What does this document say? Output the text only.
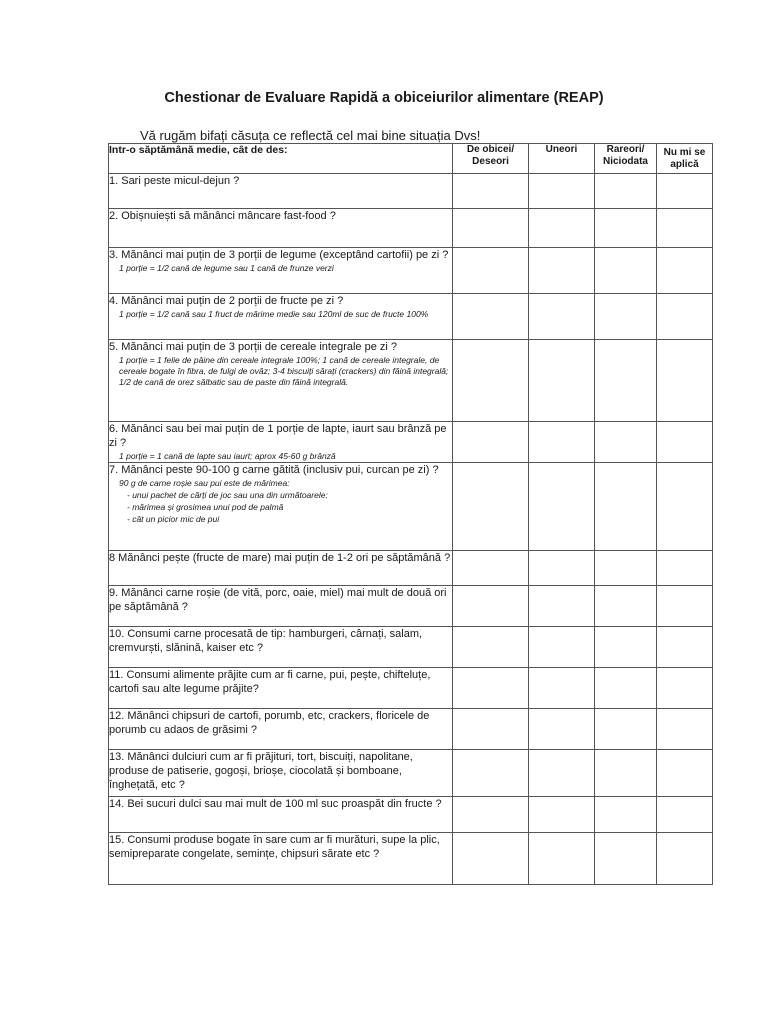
Chestionar de Evaluare Rapidă a obiceiurilor alimentare (REAP)
Vă rugăm bifați căsuța ce reflectă cel mai bine situația Dvs!
Intr-o săptămână medie, cât de des:	De obicei/ Deseori	Uneori	Rareori/ Niciodata	Nu mi se aplică

1. Sari peste micul-dejun ?				

2. Obișnuiești să mănânci mâncare fast-food ?				

3. Mănânci mai puțin de 3 porții de legume (exceptând cartofii) pe zi ?
1 porție = 1/2 cană de legume sau 1 cană de frunze verzi				

4. Mănânci mai puțin de 2 porții de fructe pe zi ?
1 porție = 1/2 cană sau 1 fruct de mărime medie sau 120ml de suc de fructe 100%				

5. Mănânci mai puțin de 3 porții de cereale integrale pe zi ?
1 porție = 1 felie de pâine din cereale integrale 100%; 1 cană de cereale integrale, de cereale bogate în fibra, de fulgi de ovăz; 3-4 biscuiți sărați (crackers) din făină integrală; 1/2 de cană de orez sălbatic sau de paste din făină integrală.				

6. Mănânci sau bei mai puțin de 1 porție de lapte, iaurt sau brânză pe zi ?
1 porție = 1 cană de lapte sau iaurt; aprox 45-60 g brânză				

7. Mănânci peste 90-100 g carne gătită (inclusiv pui, curcan pe zi) ?
90 g de carne roșie sau pui este de mărimea:
- unui pachet de cărți de joc sau una din următoarele:
- mărimea și grosimea unui pod de palmă
- cât un picior mic de pui				

8 Mănânci pește (fructe de mare) mai puțin de 1-2 ori pe săptămână ?				

9. Mănânci carne roșie (de vită, porc, oaie, miel) mai mult de două ori pe săptămână ?				

10. Consumi carne procesată de tip: hamburgeri, cârnați, salam, cremvurști, slănină, kaiser etc ?				

11. Consumi alimente prăjite cum ar fi carne, pui, pește, chifteluțe, cartofi sau alte legume prăjite?				

12. Mănânci chipsuri de cartofi, porumb, etc, crackers, floricele de porumb cu adaos de grăsimi ?				

13. Mănânci dulciuri cum ar fi prăjituri, tort, biscuiți, napolitane, produse de patiserie, gogoși, brioșe, ciocolată și bomboane, înghețată, etc ?				

14. Bei sucuri dulci sau mai mult de 100 ml suc proaspăt din fructe ?				

15. Consumi produse bogate în sare cum ar fi murături, supe la plic, semipreparate congelate, semințe, chipsuri sărate etc ?				
